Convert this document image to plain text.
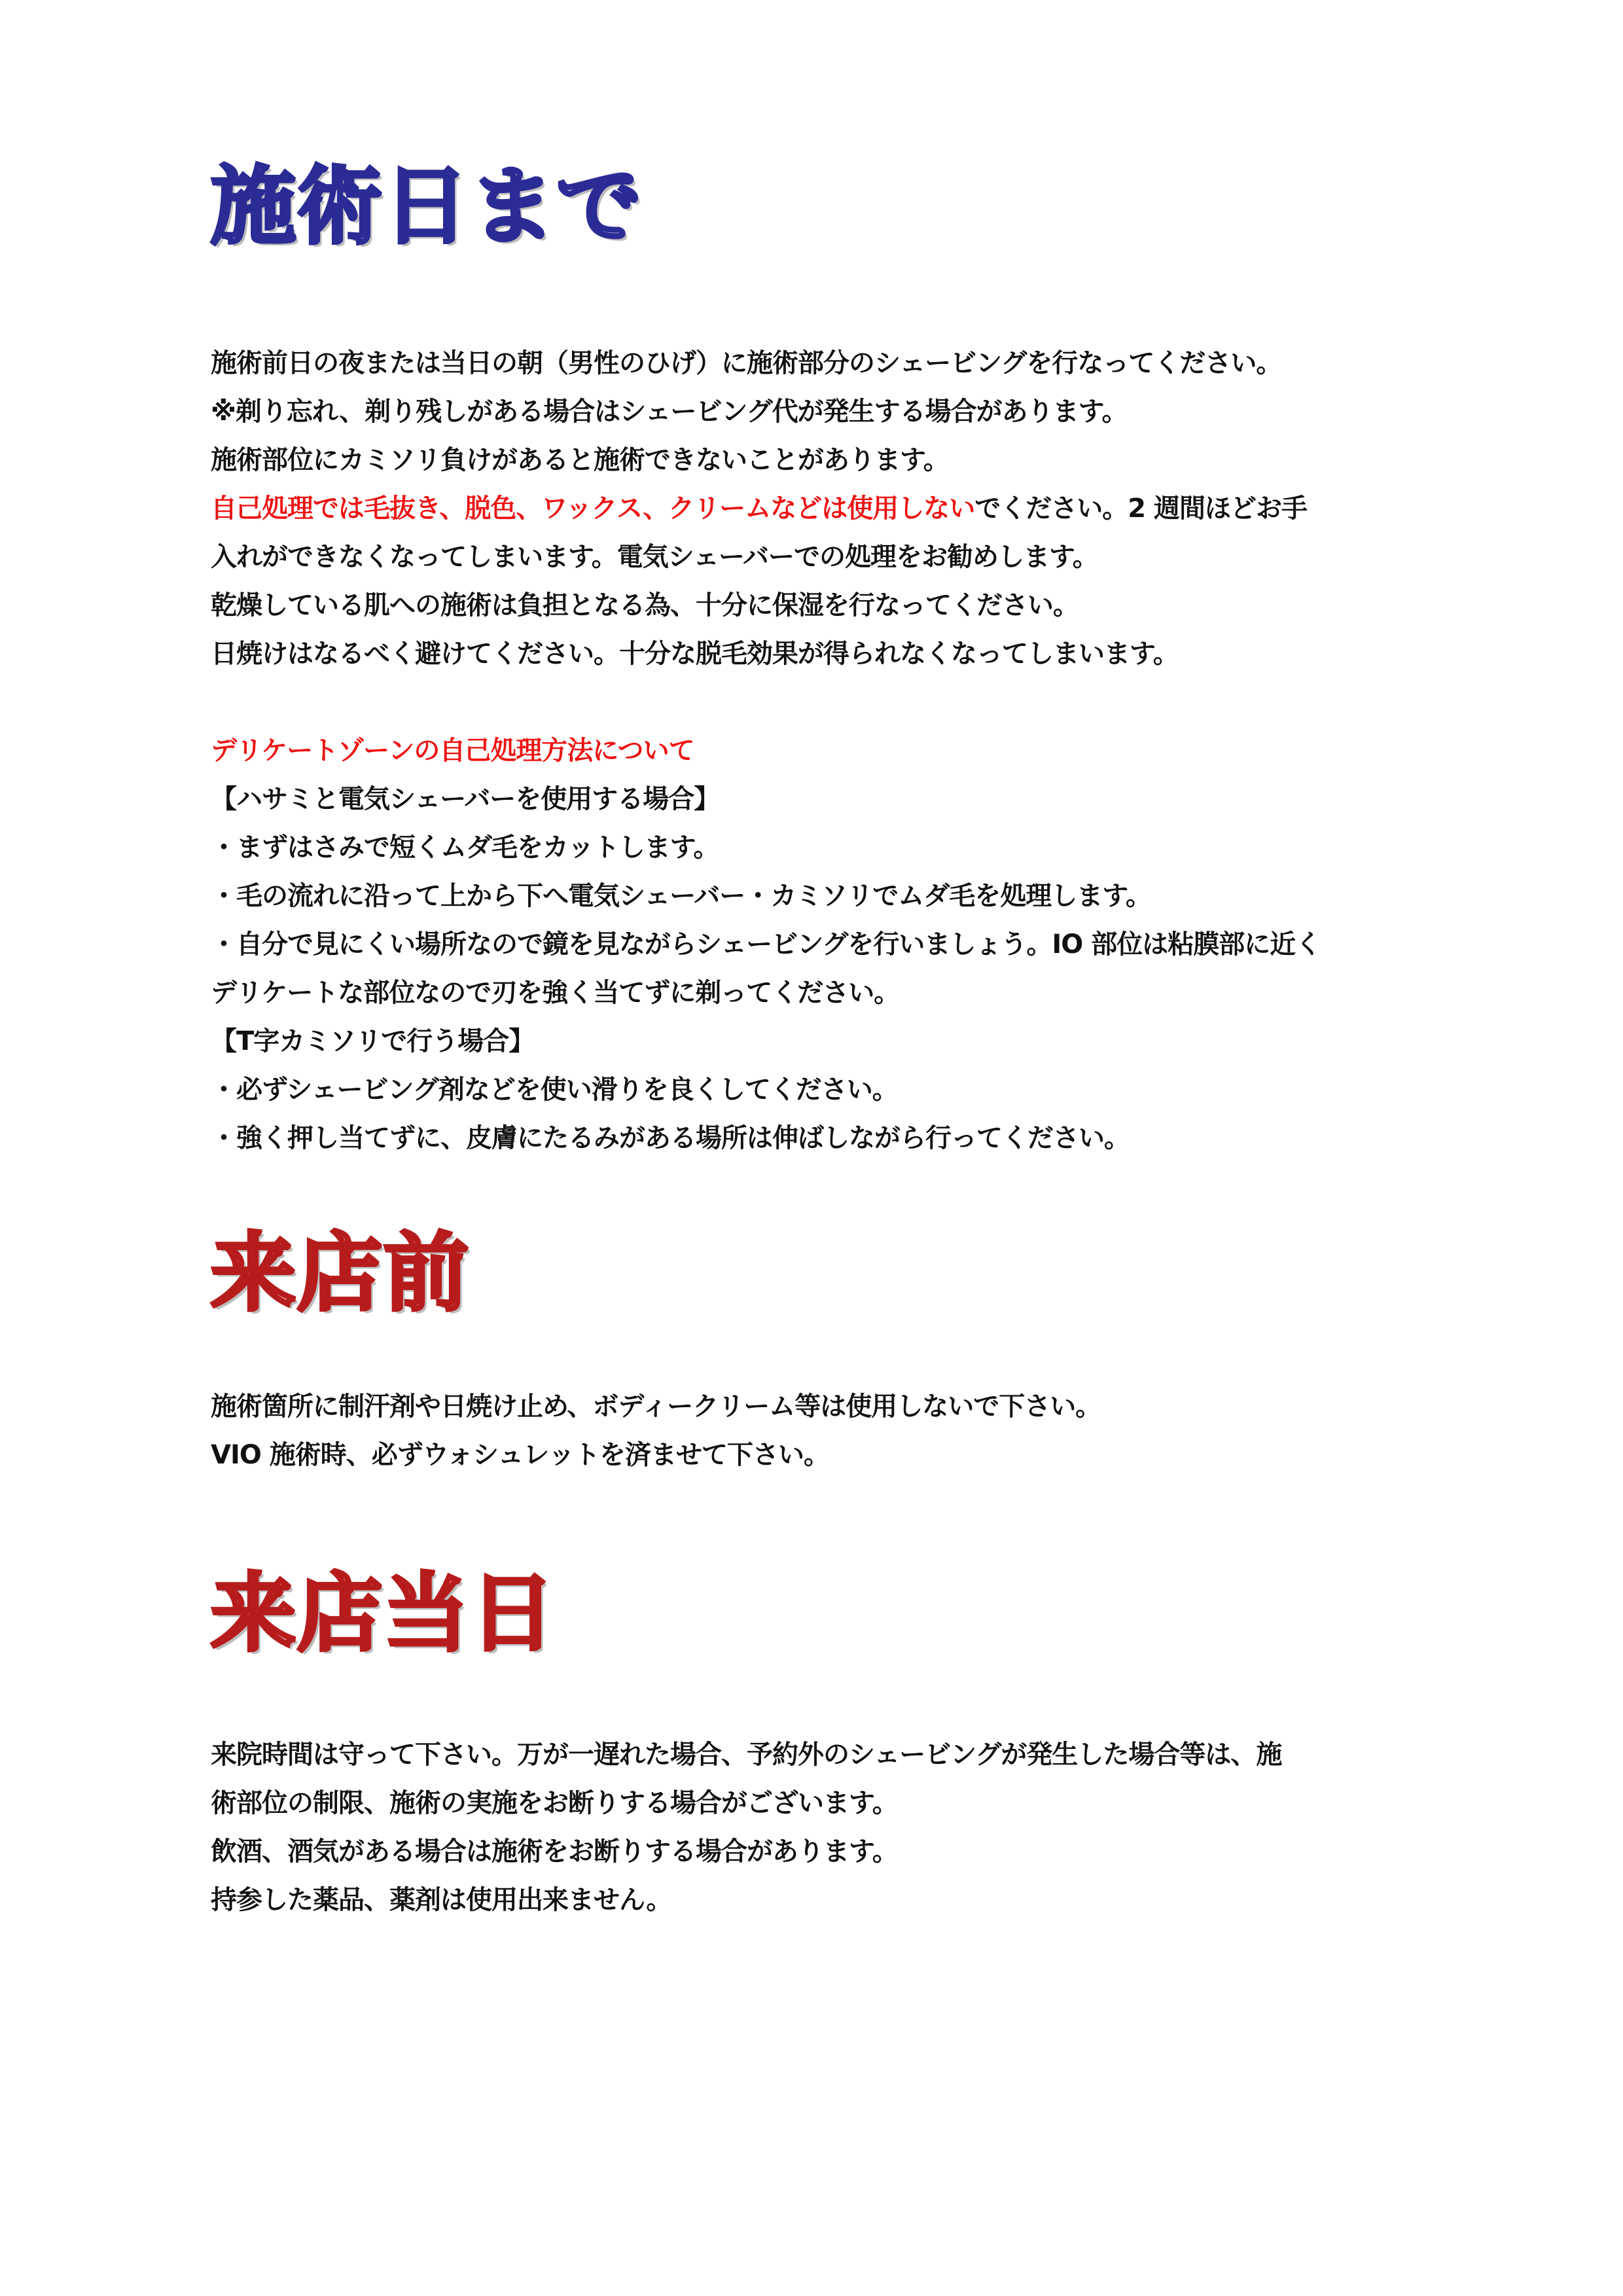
施術日まで
施術前日の夜または当日の朝（男性のひげ）に施術部分のシェービングを行なってください。
※剃り忘れ、剃り残しがある場合はシェービング代が発生する場合があります。
施術部位にカミソリ負けがあると施術できないことがあります。
自己処理では毛抜き、脱色、ワックス、クリームなどは使用しないでください。2 週間ほどお手
入れができなくなってしまいます。電気シェーバーでの処理をお勧めします。
乾燥している肌への施術は負担となる為、十分に保湿を行なってください。
日焼けはなるべく避けてください。十分な脱毛効果が得られなくなってしまいます。
デリケートゾーンの自己処理方法について
【ハサミと電気シェーバーを使用する場合】
・まずはさみで短くムダ毛をカットします。
・毛の流れに沿って上から下へ電気シェーバー・カミソリでムダ毛を処理します。
・自分で見にくい場所なので鏡を見ながらシェービングを行いましょう。IO 部位は粘膜部に近く
デリケートな部位なので刃を強く当てずに剃ってください。
【T字カミソリで行う場合】
・必ずシェービング剤などを使い滑りを良くしてください。
・強く押し当てずに、皮膚にたるみがある場所は伸ばしながら行ってください。
来店前
施術箇所に制汗剤や日焼け止め、ボディークリーム等は使用しないで下さい。
VIO 施術時、必ずウォシュレットを済ませて下さい。
来店当日
来院時間は守って下さい。万が一遅れた場合、予約外のシェービングが発生した場合等は、施
術部位の制限、施術の実施をお断りする場合がございます。
飲酒、酒気がある場合は施術をお断りする場合があります。
持参した薬品、薬剤は使用出来ません。
